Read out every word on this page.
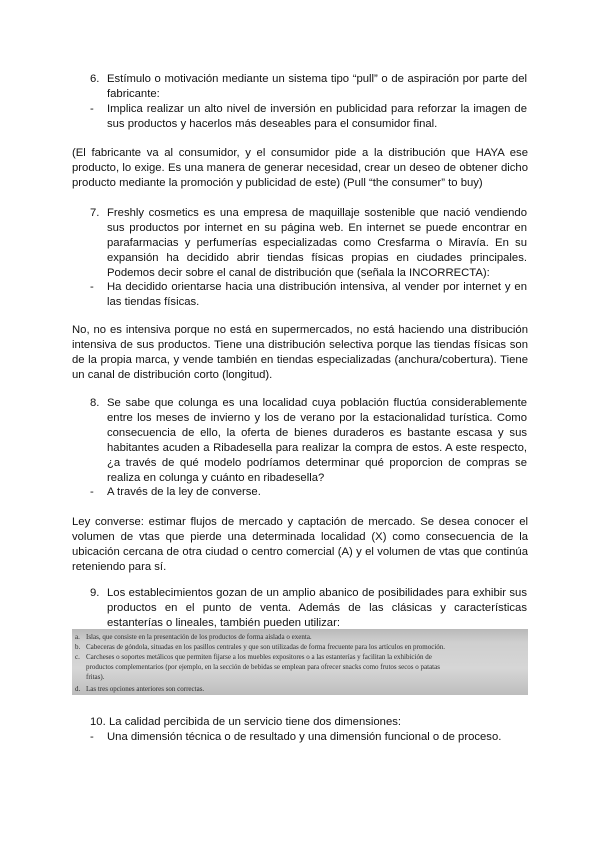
6. Estímulo o motivación mediante un sistema tipo “pull” o de aspiración por parte del fabricante:
- Implica realizar un alto nivel de inversión en publicidad para reforzar la imagen de sus productos y hacerlos más deseables para el consumidor final.
(El fabricante va al consumidor, y el consumidor pide a la distribución que HAYA ese producto, lo exige. Es una manera de generar necesidad, crear un deseo de obtener dicho producto mediante la promoción y publicidad de este) (Pull “the consumer” to buy)
7. Freshly cosmetics es una empresa de maquillaje sostenible que nació vendiendo sus productos por internet en su página web. En internet se puede encontrar en parafarmacias y perfumerías especializadas como Cresfarma o Miravía. En su expansión ha decidido abrir tiendas físicas propias en ciudades principales. Podemos decir sobre el canal de distribución que (señala la INCORRECTA):
- Ha decidido orientarse hacia una distribución intensiva, al vender por internet y en las tiendas físicas.
No, no es intensiva porque no está en supermercados, no está haciendo una distribución intensiva de sus productos. Tiene una distribución selectiva porque las tiendas físicas son de la propia marca, y vende también en tiendas especializadas (anchura/cobertura). Tiene un canal de distribución corto (longitud).
8. Se sabe que colunga es una localidad cuya población fluctúa considerablemente entre los meses de invierno y los de verano por la estacionalidad turística. Como consecuencia de ello, la oferta de bienes duraderos es bastante escasa y sus habitantes acuden a Ribadesella para realizar la compra de estos. A este respecto, ¿a través de qué modelo podríamos determinar qué proporcion de compras se realiza en colunga y cuánto en ribadesella?
- A través de la ley de converse.
Ley converse: estimar flujos de mercado y captación de mercado. Se desea conocer el volumen de vtas que pierde una determinada localidad (X) como consecuencia de la ubicación cercana de otra ciudad o centro comercial (A) y el volumen de vtas que continúa reteniendo para sí.
9. Los establecimientos gozan de un amplio abanico de posibilidades para exhibir sus productos en el punto de venta. Además de las clásicas y características estanterías o lineales, también pueden utilizar:
a. Islas, que consiste en la presentación de los productos de forma aislada o exenta.
b. Cabeceras de góndola, situadas en los pasillos centrales y que son utilizadas de forma frecuente para los artículos en promoción.
c. Carcheses o soportes metálicos que permiten fijarse a los muebles expositores o a las estanterías y facilitan la exhibición de
productos complementarios (por ejemplo, en la sección de bebidas se emplean para ofrecer snacks como frutos secos o patatas
fritas).
d. Las tres opciones anteriores son correctas.
10. La calidad percibida de un servicio tiene dos dimensiones:
- Una dimensión técnica o de resultado y una dimensión funcional o de proceso.
